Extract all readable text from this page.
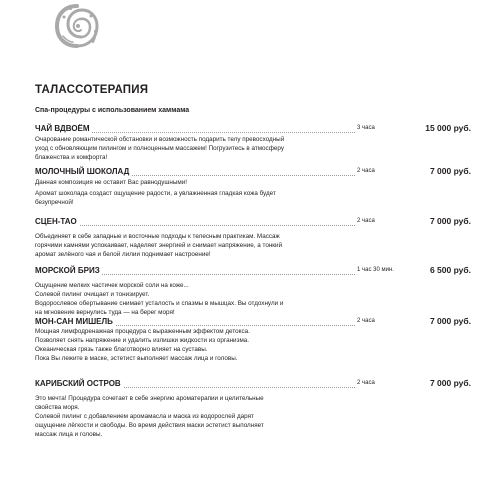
ТАЛАССОТЕРАПИЯ
Спа-процедуры с использованием хаммама
ЧАЙ ВДВОЁМ	3 часа	15 000 руб.
Очарование романтической обстановки и возможность подарить телу превосходный
уход с обновляющим пилингом и полноценным массажем! Погрузитесь в атмосферу
блаженства и комфорта!
МОЛОЧНЫЙ ШОКОЛАД	2 часа	7 000 руб.
Данная композиция не оставит Вас равнодушными!
Аромат шоколада создаст ощущение радости, а увлажненная гладкая кожа будет
безупречной!
СЦЕН-ТАО	2 часа	7 000 руб.
Объединяет в себе западные и восточные подходы к телесным практикам. Массаж
горячими камнями успокаивает, наделяет энергией и снимает напряжение, а тонкий
аромат зелёного чая и белой лилии поднимает настроение!
МОРСКОЙ БРИЗ	1 час 30 мин.	6 500 руб.
Ощущение мелких частичек морской соли на коже...
Солевой пилинг очищает и тонизирует.
Водорослевое обертывание снимает усталость и спазмы в мышцах. Вы отдохнули и
на мгновение вернулись туда — на берег моря!
МОН-САН МИШЕЛЬ	2 часа	7 000 руб.
Мощная лимфодренажная процедура с выраженным эффектом детокса.
Позволяет снять напряжение и удалить излишки жидкости из организма.
Океаническая грязь также благотворно влияет на суставы.
Пока Вы лежите в маске, эстетист выполняет массаж лица и головы.
КАРИБСКИЙ ОСТРОВ	2 часа	7 000 руб.
Это мечта! Процедура сочетает в себе энергию ароматерапии и целительные
свойства моря.
Солевой пилинг с добавлением аромамасла и маска из водорослей дарят
ощущение лёгкости и свободы. Во время действия маски эстетист выполняет
массаж лица и головы.
